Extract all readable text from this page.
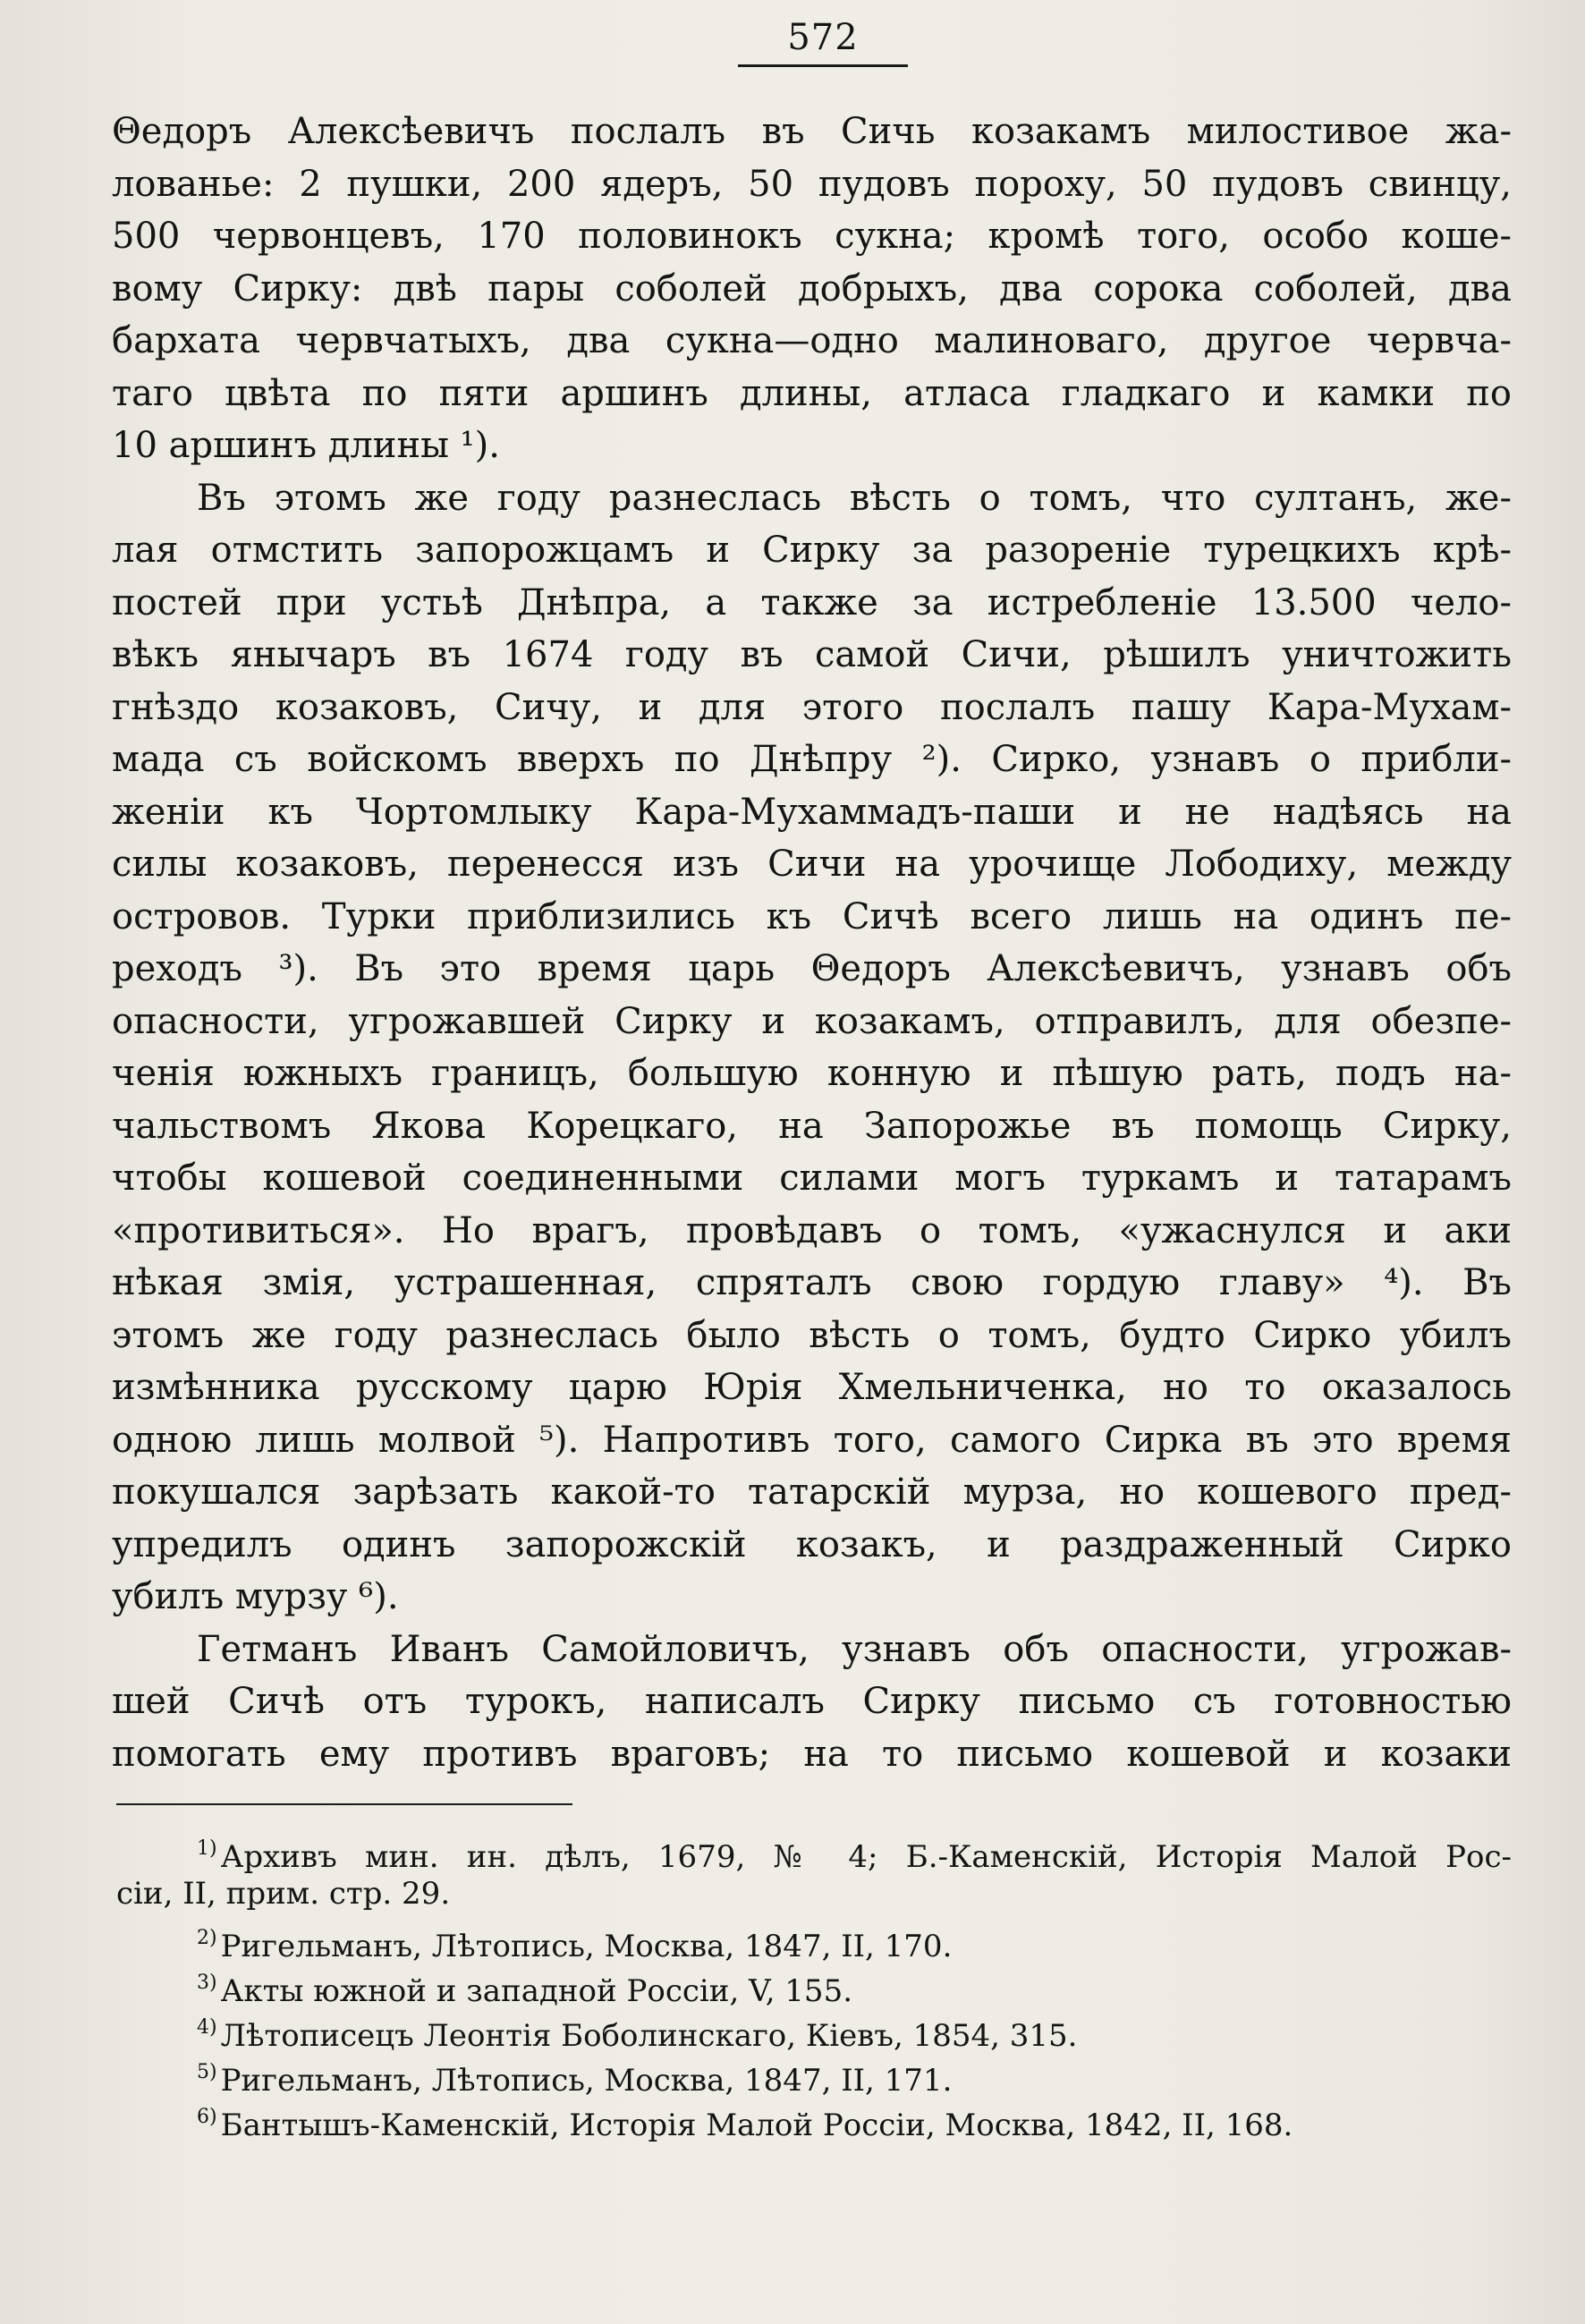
572
Θедоръ Алексѣевичъ послалъ въ Сичь козакамъ милостивое жа-
лованье: 2 пушки, 200 ядеръ, 50 пудовъ пороху, 50 пудовъ свинцу,
500 червонцевъ, 170 половинокъ сукна; кромѣ того, особо коше-
вому Сирку: двѣ пары соболей добрыхъ, два сорока соболей, два
бархата червчатыхъ, два сукна—одно малиноваго, другое червча-
таго цвѣта по пяти аршинъ длины, атласа гладкаго и камки по
10 аршинъ длины ¹).
Въ этомъ же году разнеслась вѣсть о томъ, что султанъ, же-
лая отмстить запорожцамъ и Сирку за разореніе турецкихъ крѣ-
постей при устьѣ Днѣпра, а также за истребленіе 13.500 чело-
вѣкъ янычаръ въ 1674 году въ самой Сичи, рѣшилъ уничтожить
гнѣздо козаковъ, Сичу, и для этого послалъ пашу Кара-Мухам-
мада съ войскомъ вверхъ по Днѣпру ²). Сирко, узнавъ о прибли-
женіи къ Чортомлыку Кара-Мухаммадъ-паши и не надѣясь на
силы козаковъ, перенесся изъ Сичи на урочище Лободиху, между
островов. Турки приблизились къ Сичѣ всего лишь на одинъ пе-
реходъ ³). Въ это время царь Θедоръ Алексѣевичъ, узнавъ объ
опасности, угрожавшей Сирку и козакамъ, отправилъ, для обезпе-
ченія южныхъ границъ, большую конную и пѣшую рать, подъ на-
чальствомъ Якова Корецкаго, на Запорожье въ помощь Сирку,
чтобы кошевой соединенными силами могъ туркамъ и татарамъ
«противиться». Но врагъ, провѣдавъ о томъ, «ужаснулся и аки
нѣкая змія, устрашенная, спряталъ свою гордую главу» ⁴). Въ
этомъ же году разнеслась было вѣсть о томъ, будто Сирко убилъ
измѣнника русскому царю Юрія Хмельниченка, но то оказалось
одною лишь молвой ⁵). Напротивъ того, самого Сирка въ это время
покушался зарѣзать какой-то татарскій мурза, но кошевого пред-
упредилъ одинъ запорожскій козакъ, и раздраженный Сирко
убилъ мурзу ⁶).
Гетманъ Иванъ Самойловичъ, узнавъ объ опасности, угрожав-
шей Сичѣ отъ турокъ, написалъ Сирку письмо съ готовностью
помогать ему противъ враговъ; на то письмо кошевой и козаки
$^{1)}$ Архивъ мин. ин. дѣлъ, 1679, № 4; Б.-Каменскій, Исторія Малой Рос-
сіи, II, прим. стр. 29.
$^{2)}$ Ригельманъ, Лѣтопись, Москва, 1847, II, 170.
$^{3)}$ Акты южной и западной Россіи, V, 155.
$^{4)}$ Лѣтописецъ Леонтія Боболинскаго, Кіевъ, 1854, 315.
$^{5)}$ Ригельманъ, Лѣтопись, Москва, 1847, II, 171.
$^{6)}$ Бантышъ-Каменскій, Исторія Малой Россіи, Москва, 1842, II, 168.
